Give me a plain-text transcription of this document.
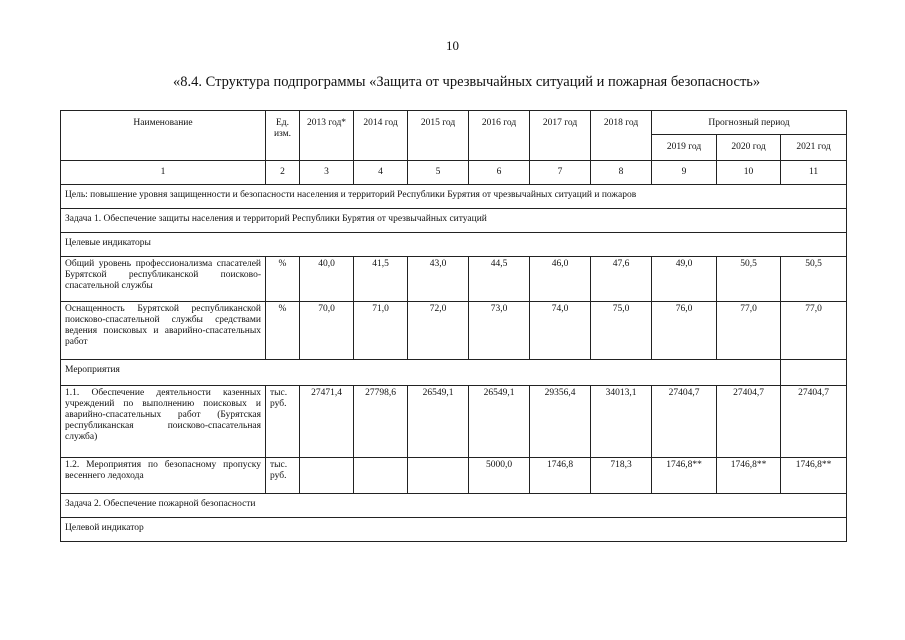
10
«8.4. Структура подпрограммы «Защита от чрезвычайных ситуаций и пожарная безопасность»
Наименование	Ед. изм.	2013 год*	2014 год	2015 год	2016 год	2017 год	2018 год	Прогнозный период		
								2019 год	2020 год	2021 год
1	2	3	4	5	6	7	8	9	10	11
Цель: повышение уровня защищенности и безопасности населения и территорий Республики Бурятия от чрезвычайных ситуаций и пожаров										
Задача 1. Обеспечение защиты населения и территорий Республики Бурятия от чрезвычайных ситуаций										
Целевые индикаторы										
Общий уровень профессионализма спасателей Бурятской республиканской поисково-спасательной службы	%	40,0	41,5	43,0	44,5	46,0	47,6	49,0	50,5	50,5
Оснащенность Бурятской республиканской поисково-спасательной службы средствами ведения поисковых и аварийно-спасательных работ	%	70,0	71,0	72,0	73,0	74,0	75,0	76,0	77,0	77,0
Мероприятия										
1.1. Обеспечение деятельности казенных учреждений по выполнению поисковых и аварийно-спасательных работ (Бурятская республиканская поисково-спасательная служба)	тыс. руб.	27471,4	27798,6	26549,1	26549,1	29356,4	34013,1	27404,7	27404,7	27404,7
1.2. Мероприятия по безопасному пропуску весеннего ледохода	тыс. руб.				5000,0	1746,8	718,3	1746,8**	1746,8**	1746,8**
Задача 2. Обеспечение пожарной безопасности										
Целевой индикатор										
